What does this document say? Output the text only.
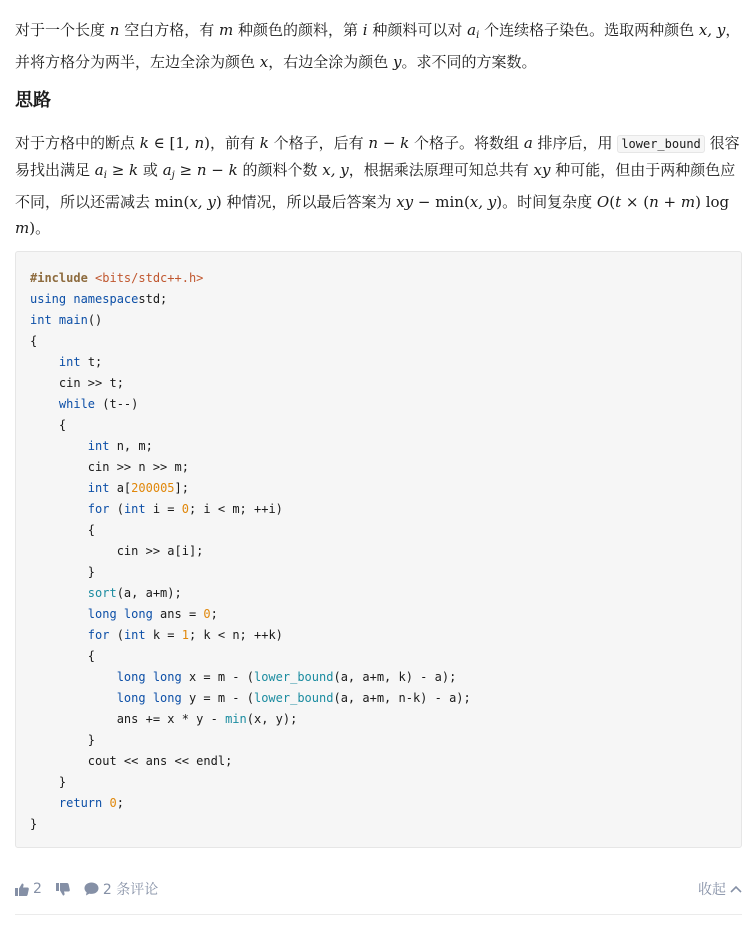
对于一个长度 n 空白方格，有 m 种颜色的颜料，第 i 种颜料可以对 $a_i$ 个连续格子染色。选取两种颜色 x, y，并将方格分为两半，左边全涂为颜色 x，右边全涂为颜色 y。求不同的方案数。

思路

对于方格中的断点 k ∈ [1, n)，前有 k 个格子，后有 n − k 个格子。将数组 a 排序后，用 lower_bound 很容易找出满足 $a_i \ge k$ 或 $a_j \ge n - k$ 的颜料个数 x, y，根据乘法原理可知总共有 xy 种可能，但由于两种颜色应不同，所以还需减去 min(x, y) 种情况，所以最后答案为 xy − min(x, y)。时间复杂度 O(t × (n + m) log m)。

#include <bits/stdc++.h>
using namespacestd;
int main()
{
int t;
cin >> t;
while (t--)
{
int n, m;
cin >> n >> m;
int a[200005];
for (int i = 0; i < m; ++i)
{
cin >> a[i];
}
sort(a, a+m);
long long ans = 0;
for (int k = 1; k < n; ++k)
{
long long x = m - (lower_bound(a, a+m, k) - a);
long long y = m - (lower_bound(a, a+m, n-k) - a);
ans += x * y - min(x, y);
}
cout << ans << endl;
}
return 0;
}
2	2 条评论	收起
